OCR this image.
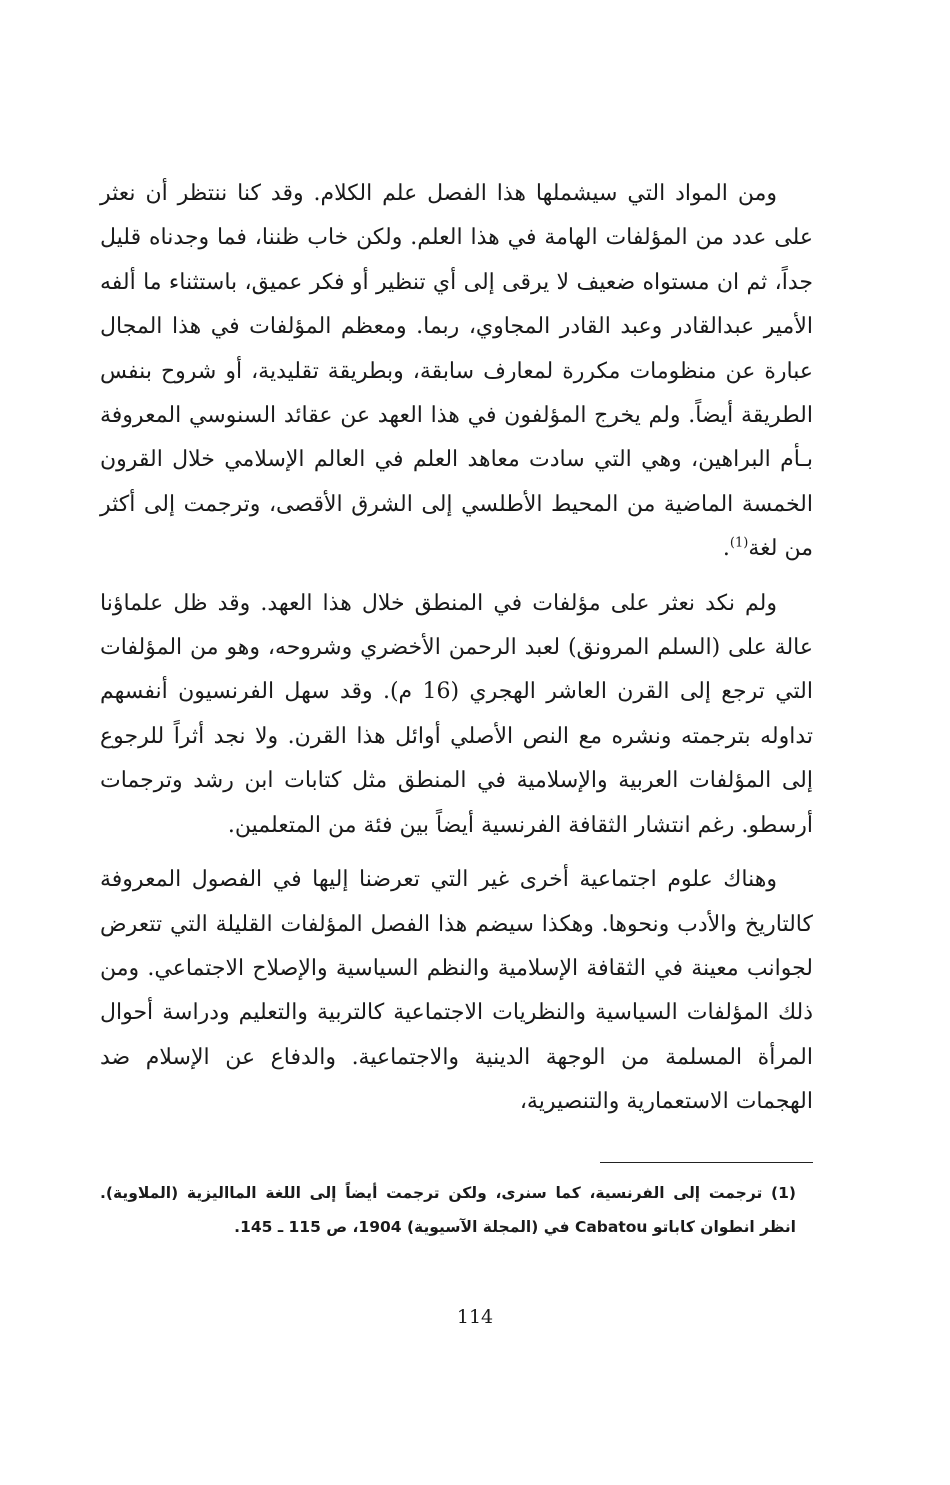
ومن المواد التي سيشملها هذا الفصل علم الكلام. وقد كنا ننتظر أن نعثر على عدد من المؤلفات الهامة في هذا العلم. ولكن خاب ظننا، فما وجدناه قليل جداً، ثم ان مستواه ضعيف لا يرقى إلى أي تنظير أو فكر عميق، باستثناء ما ألفه الأمير عبدالقادر وعبد القادر المجاوي، ربما. ومعظم المؤلفات في هذا المجال عبارة عن منظومات مكررة لمعارف سابقة، وبطريقة تقليدية، أو شروح بنفس الطريقة أيضاً. ولم يخرج المؤلفون في هذا العهد عن عقائد السنوسي المعروفة بـأم البراهين، وهي التي سادت معاهد العلم في العالم الإسلامي خلال القرون الخمسة الماضية من المحيط الأطلسي إلى الشرق الأقصى، وترجمت إلى أكثر من لغة$^{(1)}$.

ولم نكد نعثر على مؤلفات في المنطق خلال هذا العهد. وقد ظل علماؤنا عالة على (السلم المرونق) لعبد الرحمن الأخضري وشروحه، وهو من المؤلفات التي ترجع إلى القرن العاشر الهجري (16 م). وقد سهل الفرنسيون أنفسهم تداوله بترجمته ونشره مع النص الأصلي أوائل هذا القرن. ولا نجد أثراً للرجوع إلى المؤلفات العربية والإسلامية في المنطق مثل كتابات ابن رشد وترجمات أرسطو. رغم انتشار الثقافة الفرنسية أيضاً بين فئة من المتعلمين.

وهناك علوم اجتماعية أخرى غير التي تعرضنا إليها في الفصول المعروفة كالتاريخ والأدب ونحوها. وهكذا سيضم هذا الفصل المؤلفات القليلة التي تتعرض لجوانب معينة في الثقافة الإسلامية والنظم السياسية والإصلاح الاجتماعي. ومن ذلك المؤلفات السياسية والنظريات الاجتماعية كالتربية والتعليم ودراسة أحوال المرأة المسلمة من الوجهة الدينية والاجتماعية. والدفاع عن الإسلام ضد الهجمات الاستعمارية والتنصيرية،

(1) ترجمت إلى الفرنسية، كما سنرى، ولكن ترجمت أيضاً إلى اللغة المااليزية (الملاوية). انظر انطوان كاباتو Cabatou في (المجلة الآسيوية) 1904، ص 115 ـ 145.

114
